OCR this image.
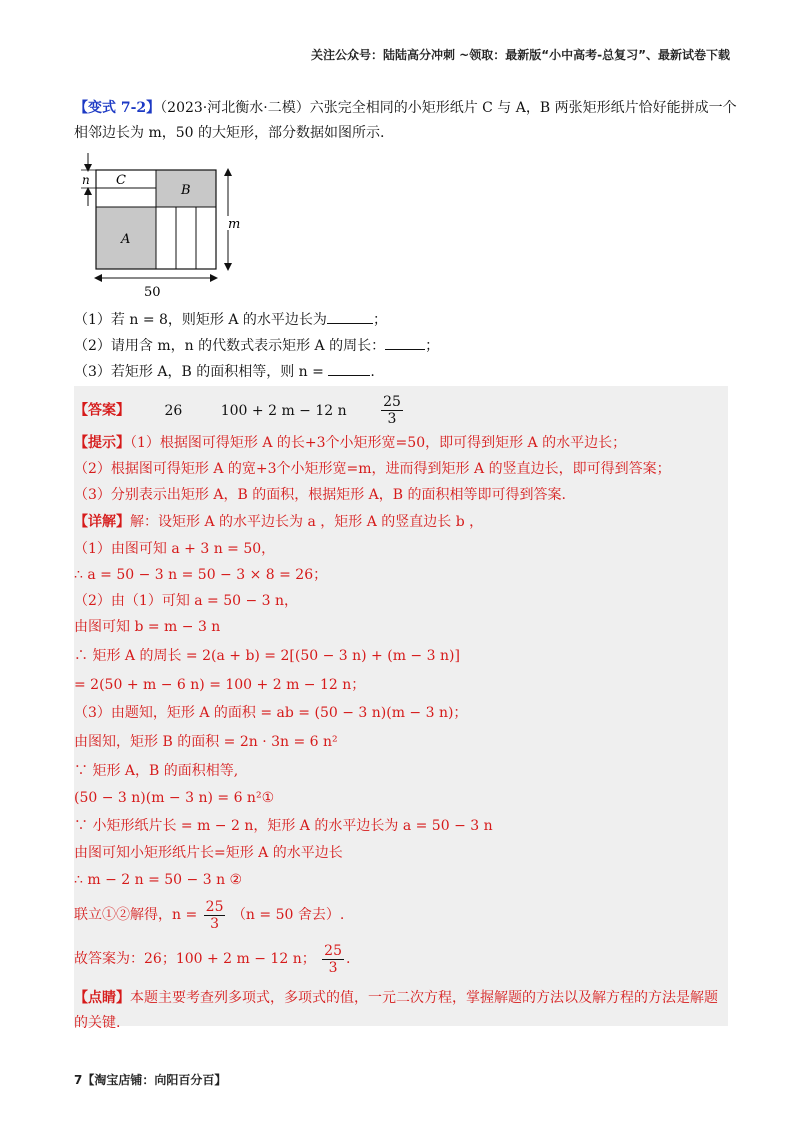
关注公众号：陆陆高分冲刺 ~领取：最新版“小中高考-总复习”、最新试卷下载
【变式 7-2】（2023·河北衡水·二模）六张完全相同的小矩形纸片 C 与 A，B 两张矩形纸片恰好能拼成一个
相邻边长为 m，50 的大矩形，部分数据如图所示.
n C
B
A
m
50
（1）若 n = 8，则矩形 A 的水平边长为	；
（2）请用含 m，n 的代数式表示矩形 A 的周长：	；
（3）若矩形 A，B 的面积相等，则 n =	.
【答案】 26	100 + 2 m − 12 n $\frac{25}{3}$
【提示】（1）根据图可得矩形 A 的长+3个小矩形宽=50，即可得到矩形 A 的水平边长；
（2）根据图可得矩形 A 的宽+3个小矩形宽=m，进而得到矩形 A 的竖直边长，即可得到答案；
（3）分别表示出矩形 A，B 的面积，根据矩形 A，B 的面积相等即可得到答案.
【详解】解：设矩形 A 的水平边长为 a ，矩形 A 的竖直边长 b ，
（1）由图可知 a + 3 n = 50，
∴ a = 50 − 3 n = 50 − 3 × 8 = 26；
（2）由（1）可知 a = 50 − 3 n，
由图可知 b = m − 3 n
∴ 矩形 A 的周长 = 2(a + b) = 2[(50 − 3 n) + (m − 3 n)]
= 2(50 + m − 6 n) = 100 + 2 m − 12 n；
（3）由题知，矩形 A 的面积 = ab = (50 − 3 n)(m − 3 n)；
由图知，矩形 B 的面积 = 2n · 3n = 6 n²
∵ 矩形 A，B 的面积相等,
(50 − 3 n)(m − 3 n) = 6 n²①
∵ 小矩形纸片长 = m − 2 n，矩形 A 的水平边长为 a = 50 − 3 n
由图可知小矩形纸片长=矩形 A 的水平边长
∴ m − 2 n = 50 − 3 n ②
联立①②解得，$n = \frac{25}{3} (n = 50$ 舍去）.
故答案为：26；100 + 2 m − 12 n； $\frac{25}{3}$ .
【点睛】本题主要考查列多项式，多项式的值，一元二次方程，掌握解题的方法以及解方程的方法是解题
的关键.
7【淘宝店铺：向阳百分百】
